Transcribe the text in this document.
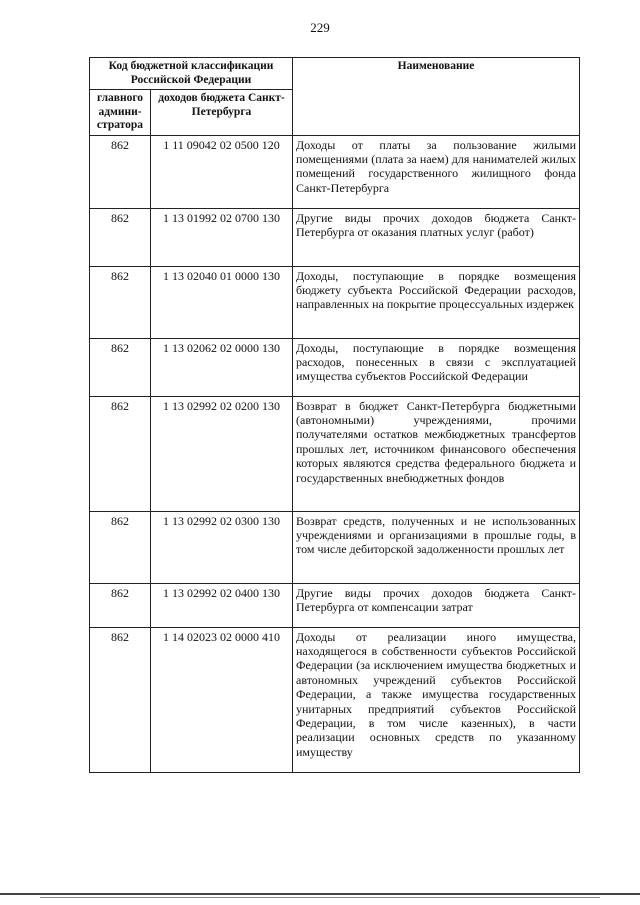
229
Код бюджетной классификации Российской Федерации		Наименование
главного админи-стратора	доходов бюджета Санкт-Петербурга	
862	1 11 09042 02 0500 120	Доходы от платы за пользование жилыми помещениями (плата за наем) для нанимателей жилых помещений государственного жилищного фонда Санкт-Петербурга
862	1 13 01992 02 0700 130	Другие виды прочих доходов бюджета Санкт-Петербурга от оказания платных услуг (работ)
862	1 13 02040 01 0000 130	Доходы, поступающие в порядке возмещения бюджету субъекта Российской Федерации расходов, направленных на покрытие процессуальных издержек
862	1 13 02062 02 0000 130	Доходы, поступающие в порядке возмещения расходов, понесенных в связи с эксплуатацией имущества субъектов Российской Федерации
862	1 13 02992 02 0200 130	Возврат в бюджет Санкт-Петербурга бюджетными (автономными) учреждениями, прочими получателями остатков межбюджетных трансфертов прошлых лет, источником финансового обеспечения которых являются средства федерального бюджета и государственных внебюджетных фондов
862	1 13 02992 02 0300 130	Возврат средств, полученных и не использованных учреждениями и организациями в прошлые годы, в том числе дебиторской задолженности прошлых лет
862	1 13 02992 02 0400 130	Другие виды прочих доходов бюджета Санкт-Петербурга от компенсации затрат
862	1 14 02023 02 0000 410	Доходы от реализации иного имущества, находящегося в собственности субъектов Российской Федерации (за исключением имущества бюджетных и автономных учреждений субъектов Российской Федерации, а также имущества государственных унитарных предприятий субъектов Российской Федерации, в том числе казенных), в части реализации основных средств по указанному имуществу
